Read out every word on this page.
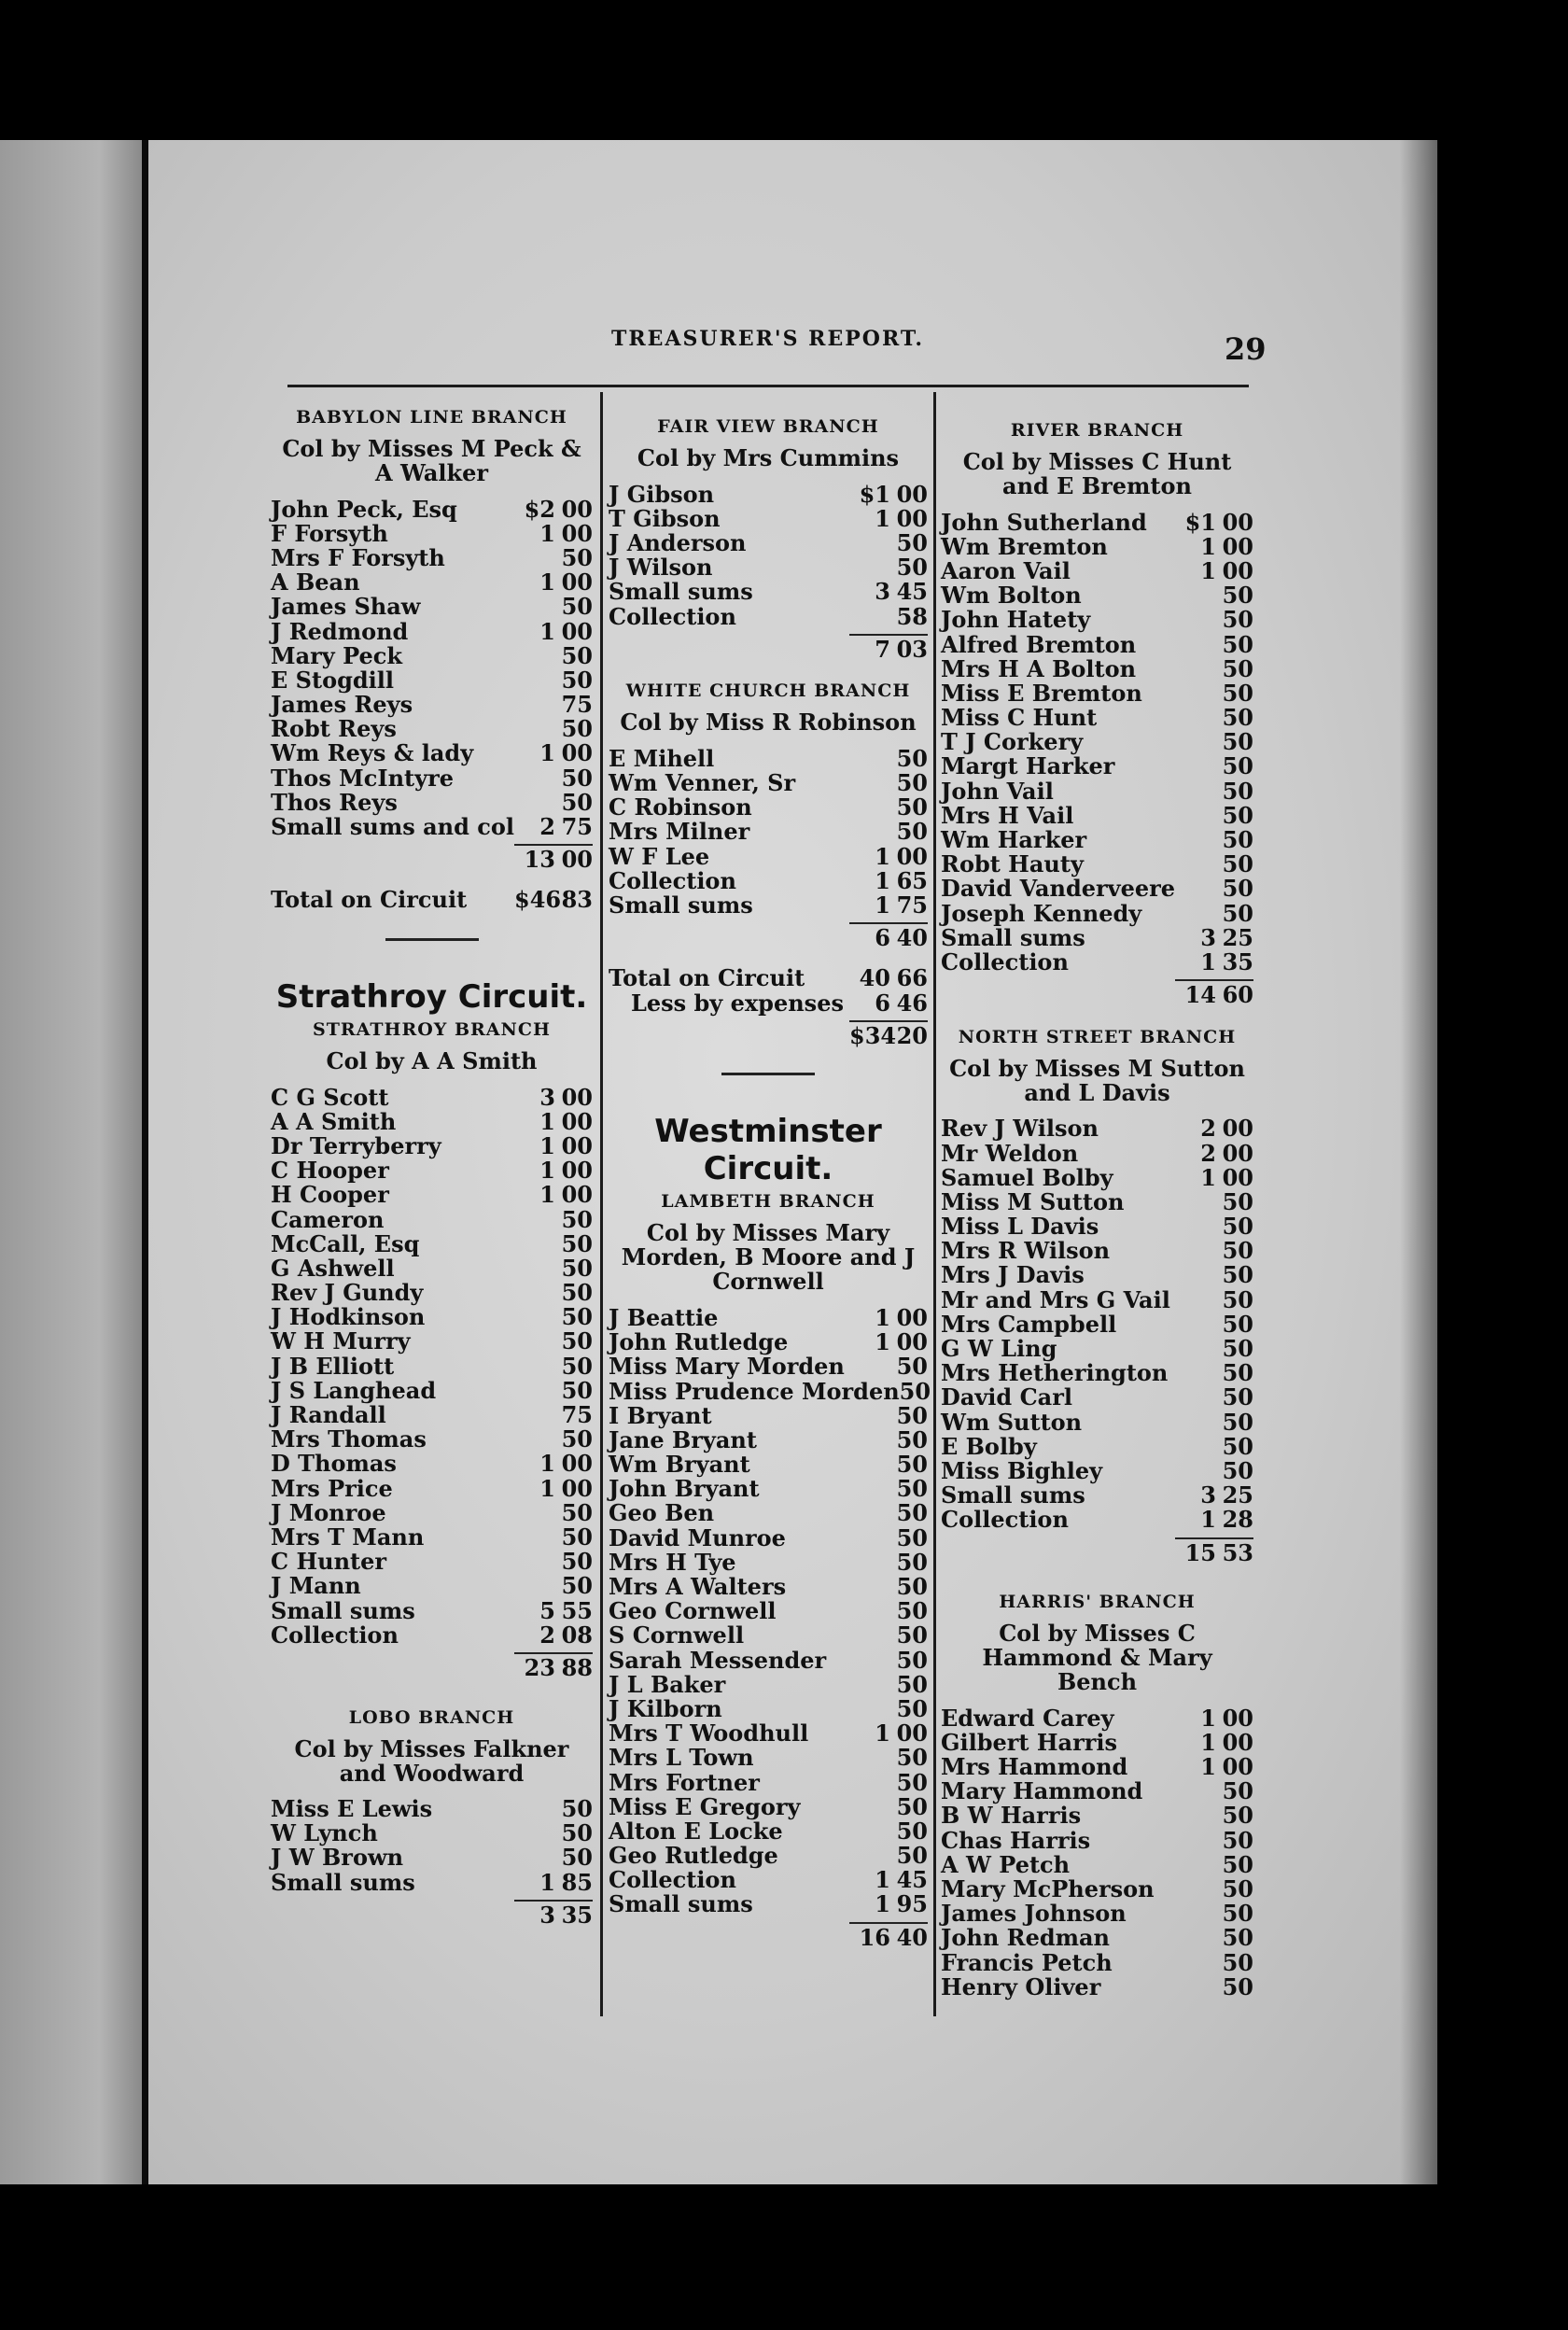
TREASURER'S REPORT.	29
BABYLON LINE BRANCH
Col by Misses M Peck & A Walker
John Peck, Esq	$2 00
F Forsyth	1 00
Mrs F Forsyth	50
A Bean	1 00
James Shaw	50
J Redmond	1 00
Mary Peck	50
E Stogdill	50
James Reys	75
Robt Reys	50
Wm Reys & lady	1 00
Thos McIntyre	50
Thos Reys	50
Small sums and col	2 75
13 00
Total on Circuit	$46 83
Strathroy Circuit.
STRATHROY BRANCH
Col by A A Smith
C G Scott	3 00
A A Smith	1 00
Dr Terryberry	1 00
C Hooper	1 00
H Cooper	1 00
Cameron	50
McCall, Esq	50
G Ashwell	50
Rev J Gundy	50
J Hodkinson	50
W H Murry	50
J B Elliott	50
J S Langhead	50
J Randall	75
Mrs Thomas	50
D Thomas	1 00
Mrs Price	1 00
J Monroe	50
Mrs T Mann	50
C Hunter	50
J Mann	50
Small sums	5 55
Collection	2 08
23 88
LOBO BRANCH
Col by Misses Falkner and Woodward
Miss E Lewis	50
W Lynch	50
J W Brown	50
Small sums	1 85
3 35
FAIR VIEW BRANCH
Col by Mrs Cummins
J Gibson	$1 00
T Gibson	1 00
J Anderson	50
J Wilson	50
Small sums	3 45
Collection	58
7 03
WHITE CHURCH BRANCH
Col by Miss R Robinson
E Mihell	50
Wm Venner, Sr	50
C Robinson	50
Mrs Milner	50
W F Lee	1 00
Collection	1 65
Small sums	1 75
6 40
Total on Circuit	40 66
Less by expenses	6 46
$34 20
Westminster Circuit.
LAMBETH BRANCH
Col by Misses Mary Morden, B Moore and J Cornwell
J Beattie	1 00
John Rutledge	1 00
Miss Mary Morden 50
Miss Prudence Morden 50
I Bryant	50
Jane Bryant	50
Wm Bryant	50
John Bryant	50
Geo Ben	50
David Munroe	50
Mrs H Tye	50
Mrs A Walters	50
Geo Cornwell	50
S Cornwell	50
Sarah Messender	50
J L Baker	50
J Kilborn	50
Mrs T Woodhull	1 00
Mrs L Town	50
Mrs Fortner	50
Miss E Gregory	50
Alton E Locke	50
Geo Rutledge	50
Collection	1 45
Small sums	1 95
16 40
RIVER BRANCH
Col by Misses C Hunt and E Bremton
John Sutherland	$1 00
Wm Bremton	1 00
Aaron Vail	1 00
Wm Bolton	50
John Hatety	50
Alfred Bremton	50
Mrs H A Bolton	50
Miss E Bremton	50
Miss C Hunt	50
T J Corkery	50
Margt Harker	50
John Vail	50
Mrs H Vail	50
Wm Harker	50
Robt Hauty	50
David Vanderveere 50
Joseph Kennedy	50
Small sums	3 25
Collection	1 35
14 60
NORTH STREET BRANCH
Col by Misses M Sutton and L Davis
Rev J Wilson	2 00
Mr Weldon	2 00
Samuel Bolby	1 00
Miss M Sutton	50
Miss L Davis	50
Mrs R Wilson	50
Mrs J Davis	50
Mr and Mrs G Vail 50
Mrs Campbell	50
G W Ling	50
Mrs Hetherington	50
David Carl	50
Wm Sutton	50
E Bolby	50
Miss Bighley	50
Small sums	3 25
Collection	1 28
15 53
HARRIS' BRANCH
Col by Misses C Hammond & Mary Bench
Edward Carey	1 00
Gilbert Harris	1 00
Mrs Hammond	1 00
Mary Hammond	50
B W Harris	50
Chas Harris	50
A W Petch	50
Mary McPherson	50
James Johnson	50
John Redman	50
Francis Petch	50
Henry Oliver	50
